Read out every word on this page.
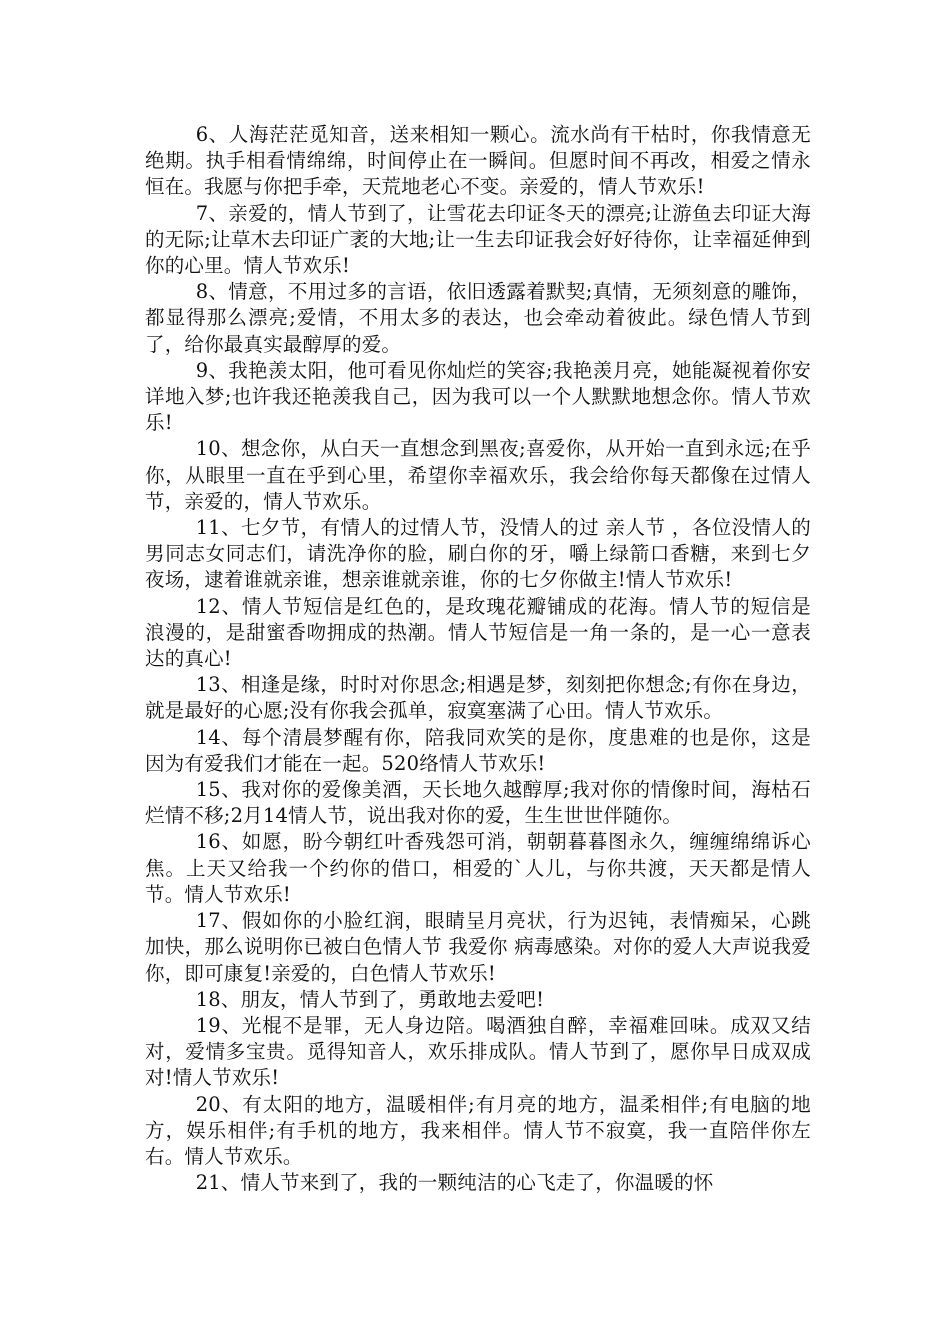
6、人海茫茫觅知音，送来相知一颗心。流水尚有干枯时，你我情意无绝期。执手相看情绵绵，时间停止在一瞬间。但愿时间不再改，相爱之情永恒在。我愿与你把手牵，天荒地老心不变。亲爱的，情人节欢乐!

7、亲爱的，情人节到了，让雪花去印证冬天的漂亮;让游鱼去印证大海的无际;让草木去印证广袤的大地;让一生去印证我会好好待你，让幸福延伸到你的心里。情人节欢乐!

8、情意，不用过多的言语，依旧透露着默契;真情，无须刻意的雕饰，都显得那么漂亮;爱情，不用太多的表达，也会牵动着彼此。绿色情人节到了，给你最真实最醇厚的爱。

9、我艳羡太阳，他可看见你灿烂的笑容;我艳羡月亮，她能凝视着你安详地入梦;也许我还艳羡我自己，因为我可以一个人默默地想念你。情人节欢乐!

10、想念你，从白天一直想念到黑夜;喜爱你，从开始一直到永远;在乎你，从眼里一直在乎到心里，希望你幸福欢乐，我会给你每天都像在过情人节，亲爱的，情人节欢乐。

11、七夕节，有情人的过情人节，没情人的过 亲人节 ，各位没情人的男同志女同志们，请洗净你的脸，刷白你的牙，嚼上绿箭口香糖，来到七夕夜场，逮着谁就亲谁，想亲谁就亲谁，你的七夕你做主!情人节欢乐!

12、情人节短信是红色的，是玫瑰花瓣铺成的花海。情人节的短信是浪漫的，是甜蜜香吻拥成的热潮。情人节短信是一角一条的，是一心一意表达的真心!

13、相逢是缘，时时对你思念;相遇是梦，刻刻把你想念;有你在身边，就是最好的心愿;没有你我会孤单，寂寞塞满了心田。情人节欢乐。

14、每个清晨梦醒有你，陪我同欢笑的是你，度患难的也是你，这是因为有爱我们才能在一起。520络情人节欢乐!

15、我对你的爱像美酒，天长地久越醇厚;我对你的情像时间，海枯石烂情不移;2月14情人节，说出我对你的爱，生生世世伴随你。

16、如愿，盼今朝红叶香残怨可消，朝朝暮暮图永久，缠缠绵绵诉心焦。上天又给我一个约你的借口，相爱的`人儿，与你共渡，天天都是情人节。情人节欢乐!

17、假如你的小脸红润，眼睛呈月亮状，行为迟钝，表情痴呆，心跳加快，那么说明你已被白色情人节 我爱你 病毒感染。对你的爱人大声说我爱你，即可康复!亲爱的，白色情人节欢乐!

18、朋友，情人节到了，勇敢地去爱吧!

19、光棍不是罪，无人身边陪。喝酒独自醉，幸福难回味。成双又结对，爱情多宝贵。觅得知音人，欢乐排成队。情人节到了，愿你早日成双成对!情人节欢乐!

20、有太阳的地方，温暖相伴;有月亮的地方，温柔相伴;有电脑的地方，娱乐相伴;有手机的地方，我来相伴。情人节不寂寞，我一直陪伴你左右。情人节欢乐。

21、情人节来到了，我的一颗纯洁的心飞走了，你温暖的怀
